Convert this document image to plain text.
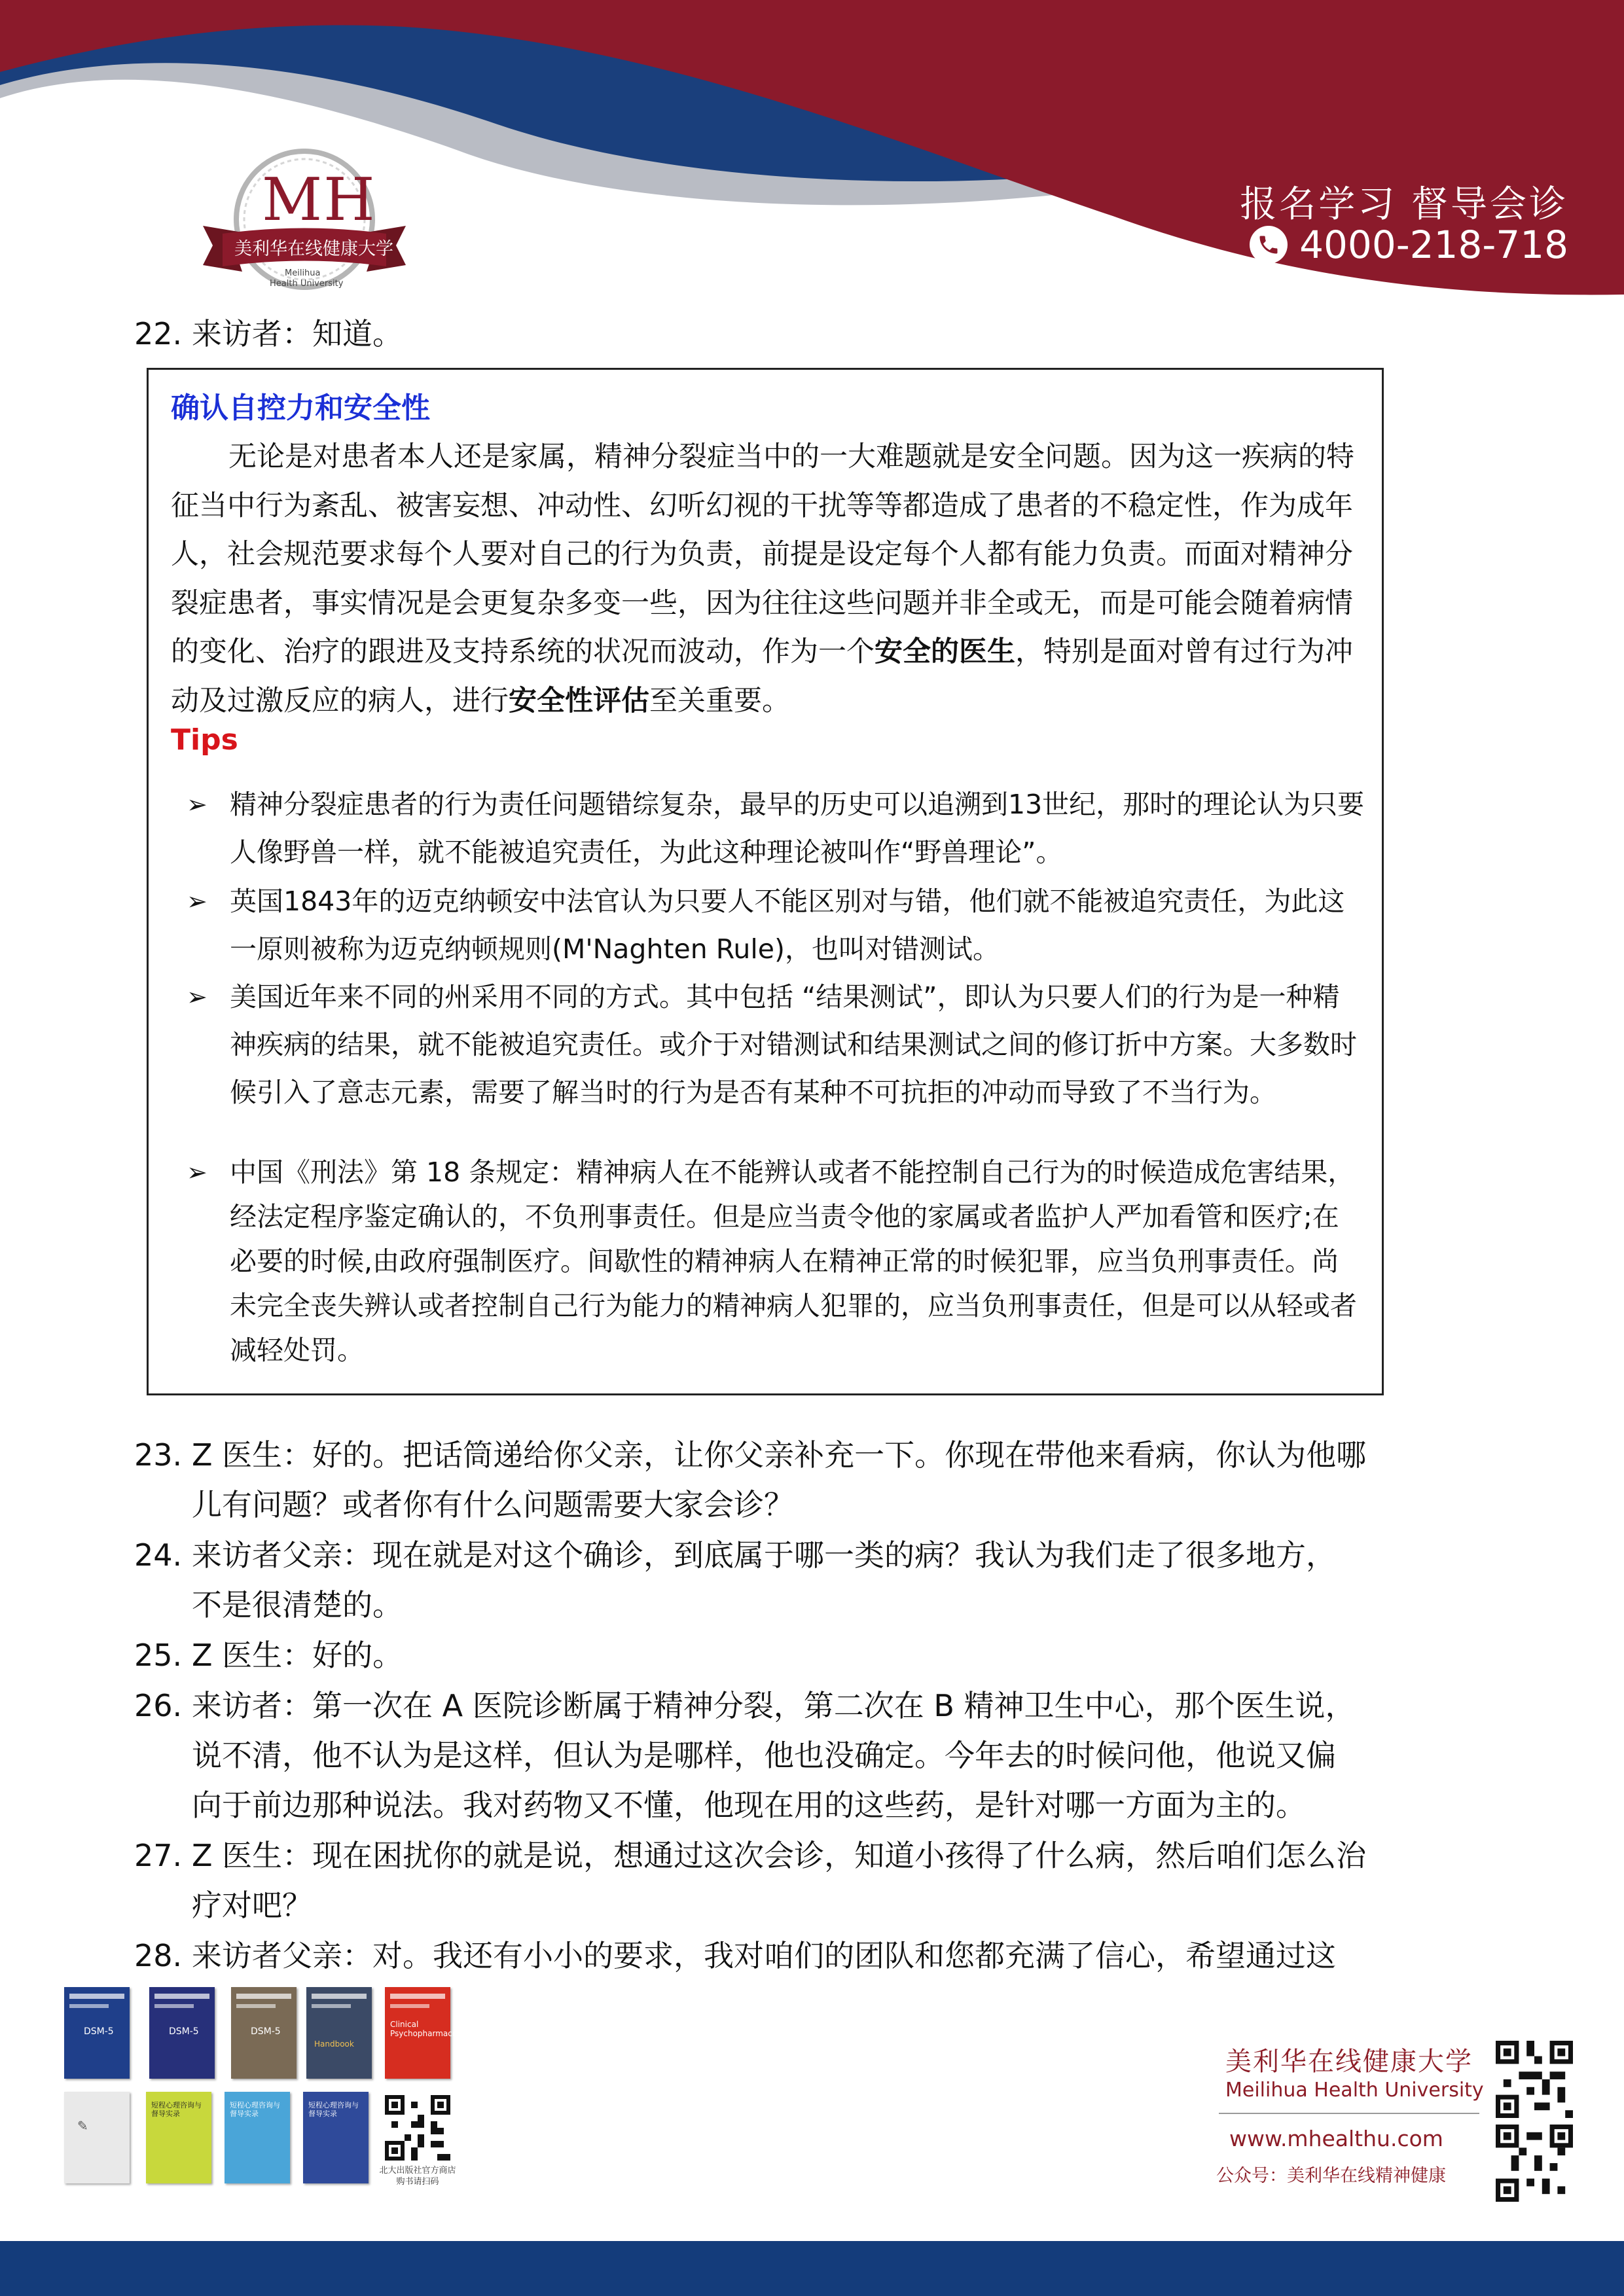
MH
美利华在线健康大学
Meilihua
Health University
报名学习 督导会诊
4000-218-718
22. 来访者：知道。
确认自控力和安全性
无论是对患者本人还是家属，精神分裂症当中的一大难题就是安全问题。因为这一疾病的特征当中行为紊乱、被害妄想、冲动性、幻听幻视的干扰等等都造成了患者的不稳定性，作为成年人，社会规范要求每个人要对自己的行为负责，前提是设定每个人都有能力负责。而面对精神分裂症患者，事实情况是会更复杂多变一些，因为往往这些问题并非全或无，而是可能会随着病情的变化、治疗的跟进及支持系统的状况而波动，作为一个安全的医生，特别是面对曾有过行为冲动及过激反应的病人，进行安全性评估至关重要。
Tips
➢ 精神分裂症患者的行为责任问题错综复杂，最早的历史可以追溯到13世纪，那时的理论认为只要人像野兽一样，就不能被追究责任，为此这种理论被叫作“野兽理论”。
➢ 英国1843年的迈克纳顿安中法官认为只要人不能区别对与错，他们就不能被追究责任，为此这一原则被称为迈克纳顿规则(M'Naghten Rule)，也叫对错测试。
➢ 美国近年来不同的州采用不同的方式。其中包括 “结果测试”，即认为只要人们的行为是一种精神疾病的结果，就不能被追究责任。或介于对错测试和结果测试之间的修订折中方案。大多数时候引入了意志元素，需要了解当时的行为是否有某种不可抗拒的冲动而导致了不当行为。
➢ 中国《刑法》第 18 条规定：精神病人在不能辨认或者不能控制自己行为的时候造成危害结果，经法定程序鉴定确认的，不负刑事责任。但是应当责令他的家属或者监护人严加看管和医疗;在必要的时候,由政府强制医疗。间歇性的精神病人在精神正常的时候犯罪，应当负刑事责任。尚未完全丧失辨认或者控制自己行为能力的精神病人犯罪的，应当负刑事责任，但是可以从轻或者减轻处罚。
23. Z 医生：好的。把话筒递给你父亲，让你父亲补充一下。你现在带他来看病，你认为他哪
儿有问题？或者你有什么问题需要大家会诊？
24. 来访者父亲：现在就是对这个确诊，到底属于哪一类的病？我认为我们走了很多地方，
不是很清楚的。
25. Z 医生：好的。
26. 来访者：第一次在 A 医院诊断属于精神分裂，第二次在 B 精神卫生中心，那个医生说，
说不清，他不认为是这样，但认为是哪样，他也没确定。今年去的时候问他，他说又偏
向于前边那种说法。我对药物又不懂，他现在用的这些药，是针对哪一方面为主的。
27. Z 医生：现在困扰你的就是说，想通过这次会诊，知道小孩得了什么病，然后咱们怎么治
疗对吧？
28. 来访者父亲：对。我还有小小的要求，我对咱们的团队和您都充满了信心，希望通过这
DSM-5	DSM-5	DSM-5
Handbook
Clinical Psychopharmacology
✎
短程心理咨询与督导实录
短程心理咨询与督导实录
短程心理咨询与督导实录
北大出版社官方商店
购书请扫码
美利华在线健康大学
Meilihua Health University
www.mhealthu.com
公众号：美利华在线精神健康
